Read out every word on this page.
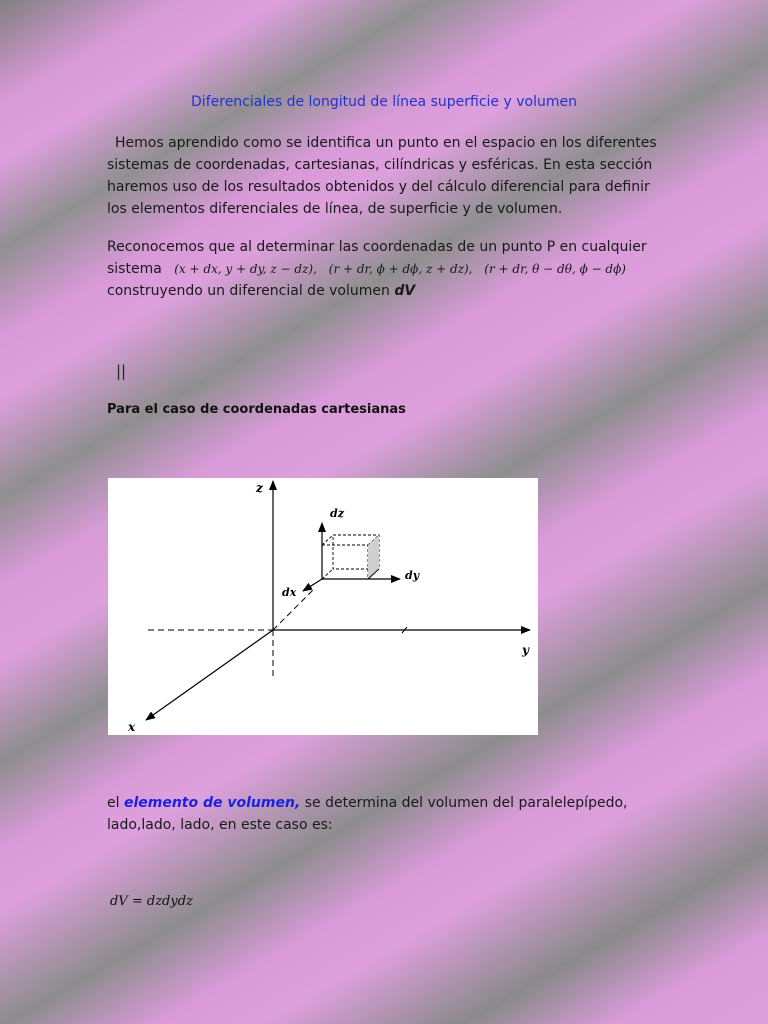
Diferenciales de longitud de línea superficie y volumen
Hemos aprendido como se identifica un punto en el espacio en los diferentes
sistemas de coordenadas, cartesianas, cilíndricas y esféricas. En esta sección
haremos uso de los resultados obtenidos y del cálculo diferencial para definir
los elementos diferenciales de línea, de superficie y de volumen.
Reconocemos que al determinar las coordenadas de un punto P en cualquier
sistema (x + dx, y + dy, z − dz), (r + dr, ϕ + dϕ, z + dz), (r + dr, θ − dθ, ϕ − dϕ)
construyendo un diferencial de volumen dV
||
Para el caso de coordenadas cartesianas
z
y
x
dz
dy
dx
el elemento de volumen, se determina del volumen del paralelepípedo,
lado,lado, lado, en este caso es:
dV = dzdydz
